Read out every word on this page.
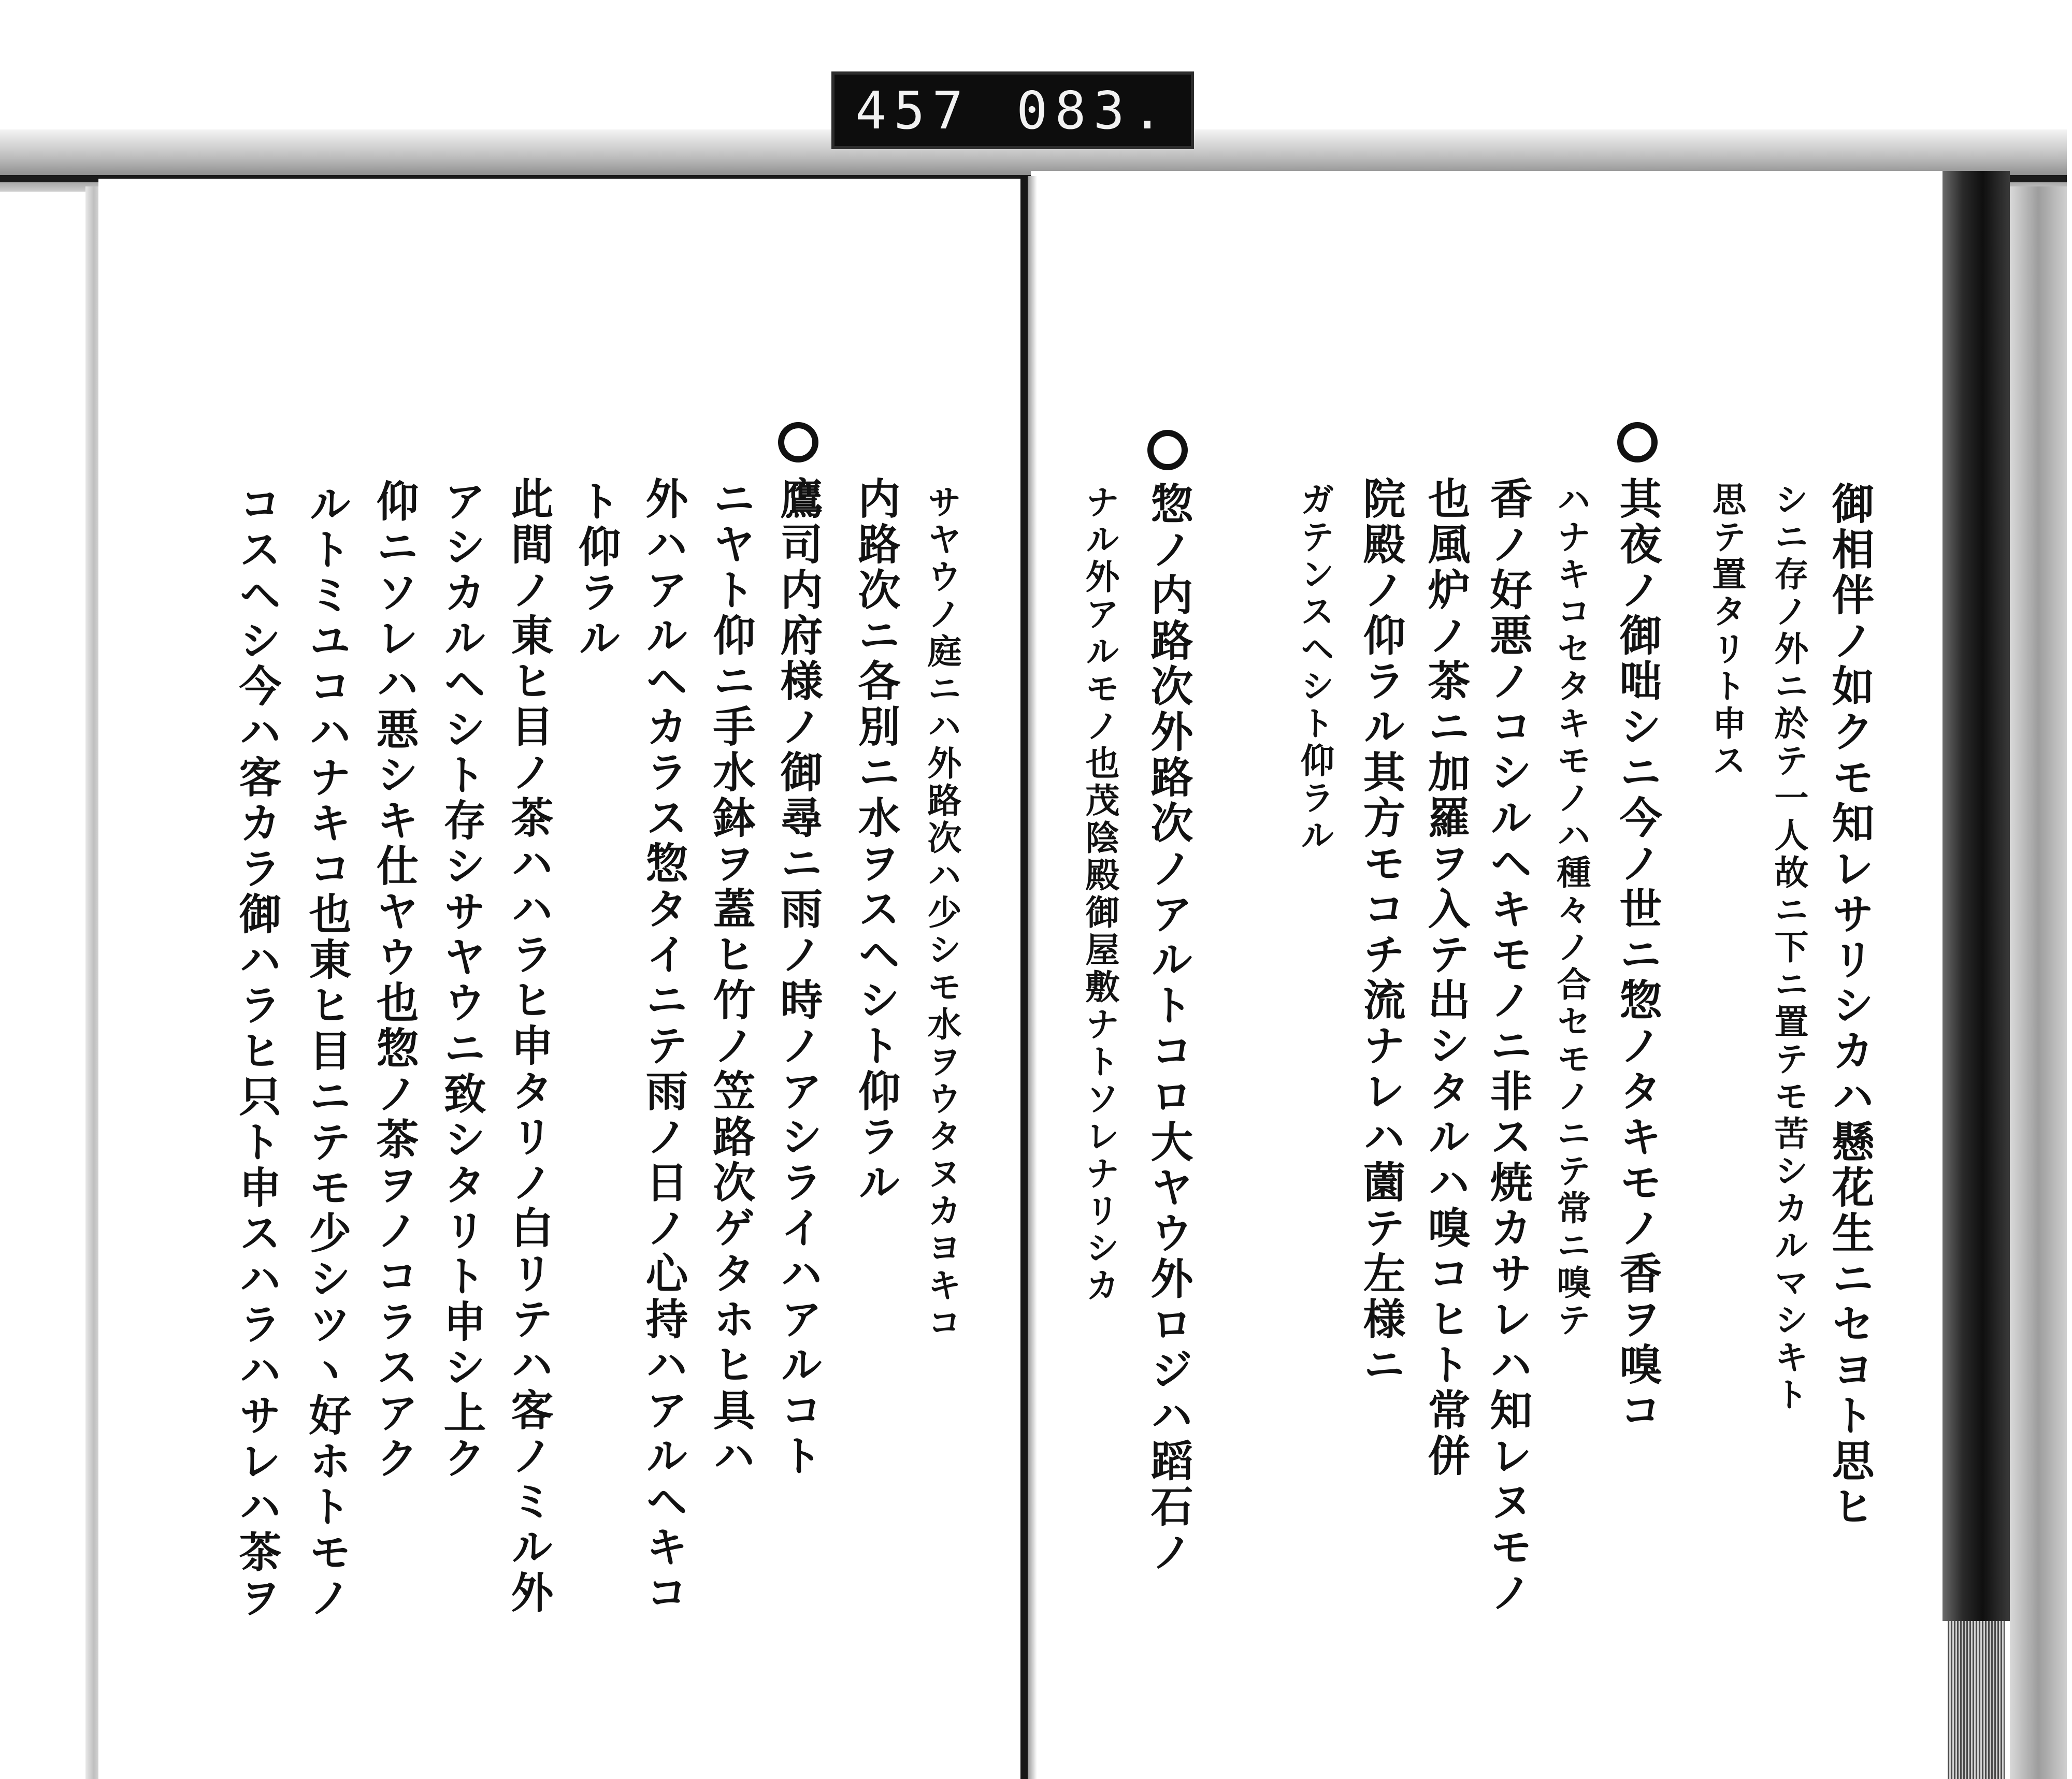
457 083.
御相伴ノ如クモ知レサリシカハ懸花生ニセヨト思ヒ
シニ存ノ外ニ於テ一人故ニ下ニ置テモ苦シカルマシキト
思テ置タリト申ス
其夜ノ御咄シニ今ノ世ニ惣ノタキモノ香ヲ嗅コ
ハナキコセタキモノハ種々ノ合セモノニテ常ニ嗅テ
香ノ好悪ノコシルヘキモノニ非ス焼カサレハ知レヌモノ
也風炉ノ茶ニ加羅ヲ入テ出シタルハ嗅コヒト常併
院殿ノ仰ラル其方モコチ流ナレハ薗テ左様ニ
ガテンスヘシト仰ラル
惣ノ内路次外路次ノアルトコロ大ヤウ外ロジハ蹈石ノ
ナル外アルモノ也茂陰殿御屋敷ナトソレナリシカ
サヤウノ庭ニハ外路次ハ少シモ水ヲウタヌカヨキコ
内路次ニ各別ニ水ヲスヘシト仰ラル
鷹司内府様ノ御尋ニ雨ノ時ノアシライハアルコト
ニヤト仰ニ手水鉢ヲ蓋ヒ竹ノ笠路次ゲタホヒ具ハ
外ハアルヘカラス惣タイニテ雨ノ日ノ心持ハアルヘキコ
ト仰ラル
此間ノ東ヒ目ノ茶ハハラヒ申タリノ白リテハ客ノミル外
アシカルヘシト存シサヤウニ致シタリト申シ上ク
仰ニソレハ悪シキ仕ヤウ也惣ノ茶ヲノコラスアク
ルトミユコハナキコ也東ヒ目ニテモ少シツヽ好ホトモノ
コスヘシ今ハ客カラ御ハラヒ只ト申スハラハサレハ茶ヲ
